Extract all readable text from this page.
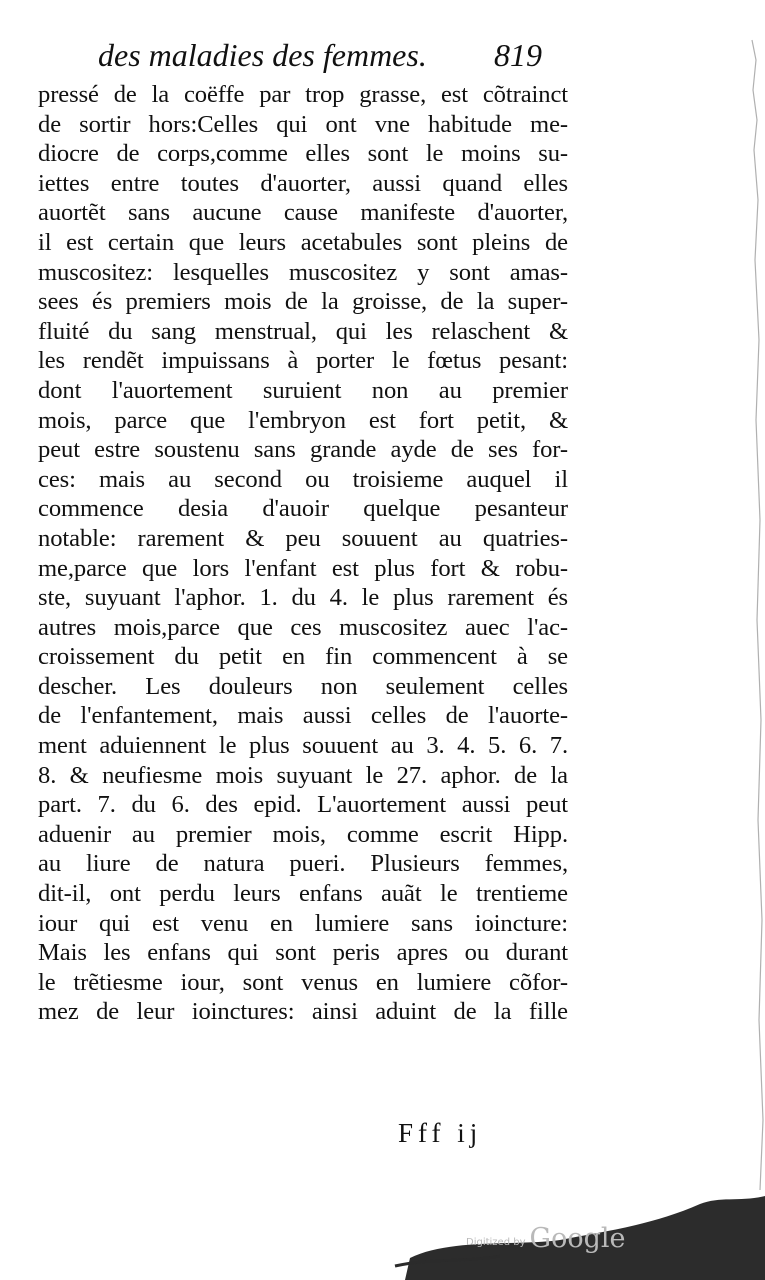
des maladies des femmes.	819
pressé de la coëffe par trop grasse, est cõtrainct
de sortir hors:Celles qui ont vne habitude me-
diocre de corps,comme elles sont le moins su-
iettes entre toutes d'auorter, aussi quand elles
auortẽt sans aucune cause manifeste d'auorter,
il est certain que leurs acetabules sont pleins de
muscositez: lesquelles muscositez y sont amas-
sees és premiers mois de la groisse, de la super-
fluité du sang menstrual, qui les relaschent &
les rendẽt impuissans à porter le fœtus pesant:
dont l'auortement suruient non au premier
mois, parce que l'embryon est fort petit, &
peut estre soustenu sans grande ayde de ses for-
ces: mais au second ou troisieme auquel il
commence desia d'auoir quelque pesanteur
notable: rarement & peu souuent au quatries-
me,parce que lors l'enfant est plus fort & robu-
ste, suyuant l'aphor. 1. du 4. le plus rarement és
autres mois,parce que ces muscositez auec l'ac-
croissement du petit en fin commencent à se
descher. Les douleurs non seulement celles
de l'enfantement, mais aussi celles de l'auorte-
ment aduiennent le plus souuent au 3. 4. 5. 6. 7.
8. & neufiesme mois suyuant le 27. aphor. de la
part. 7. du 6. des epid. L'auortement aussi peut
aduenir au premier mois, comme escrit Hipp.
au liure de natura pueri. Plusieurs femmes,
dit-il, ont perdu leurs enfans auãt le trentieme
iour qui est venu en lumiere sans ioincture:
Mais les enfans qui sont peris apres ou durant
le trẽtiesme iour, sont venus en lumiere cõfor-
mez de leur ioinctures: ainsi aduint de la fille
Fff ij
Digitized by Google
